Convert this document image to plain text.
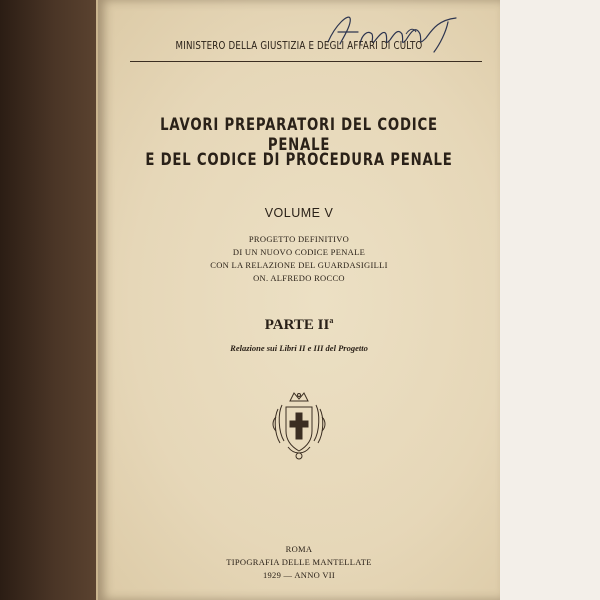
MINISTERO DELLA GIUSTIZIA E DEGLI AFFARI DI CULTO
LAVORI PREPARATORI DEL CODICE PENALE
E DEL CODICE DI PROCEDURA PENALE
VOLUME V
PROGETTO DEFINITIVO
DI UN NUOVO CODICE PENALE
CON LA RELAZIONE DEL GUARDASIGILLI
ON. ALFREDO ROCCO
PARTE $II^a$
Relazione sui Libri II e III del Progetto
ROMA
TIPOGRAFIA DELLE MANTELLATE
1929 — ANNO VII
